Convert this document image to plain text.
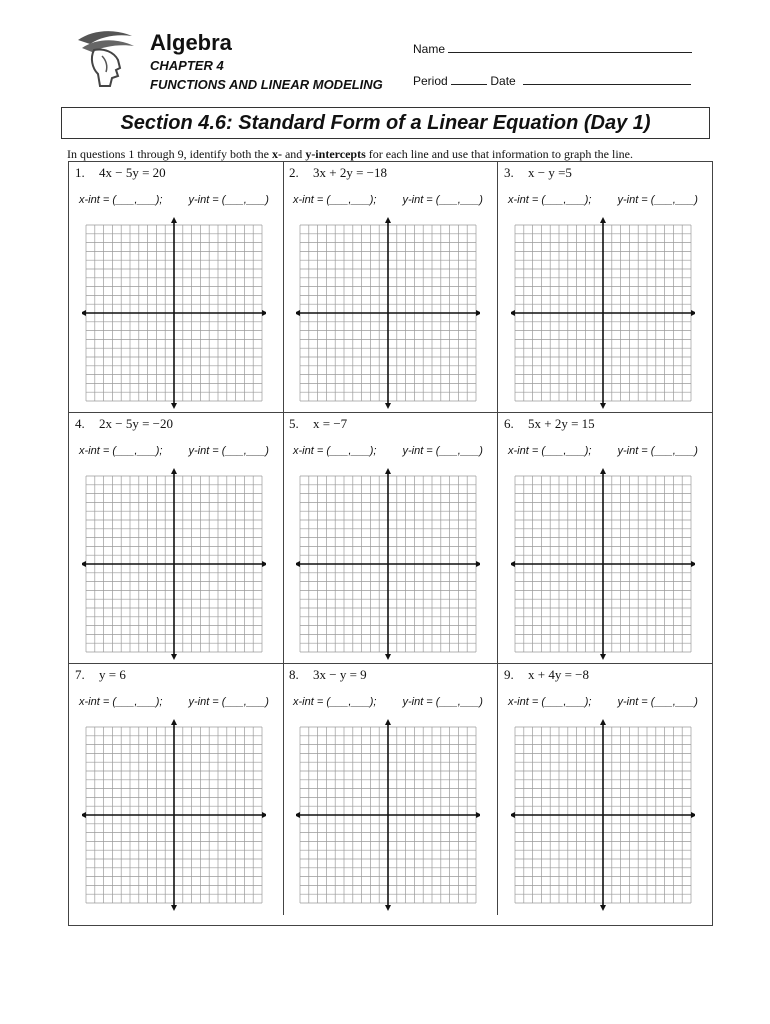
Algebra
CHAPTER 4
FUNCTIONS AND LINEAR MODELING
Name
Period	Date
Section 4.6: Standard Form of a Linear Equation (Day 1)
In questions 1 through 9, identify both the x- and y-intercepts for each line and use that information to graph the line.
1. 4x − 5y = 20
x-int = (___,___); y-int = (___,___)
2. 3x + 2y = −18
x-int = (___,___); y-int = (___,___)
3. x − y =5
x-int = (___,___); y-int = (___,___)
4. 2x − 5y = −20
x-int = (___,___); y-int = (___,___)
5. x = −7
x-int = (___,___); y-int = (___,___)
6. 5x + 2y = 15
x-int = (___,___); y-int = (___,___)
7. y = 6
x-int = (___,___); y-int = (___,___)
8. 3x − y = 9
x-int = (___,___); y-int = (___,___)
9. x + 4y = −8
x-int = (___,___); y-int = (___,___)
